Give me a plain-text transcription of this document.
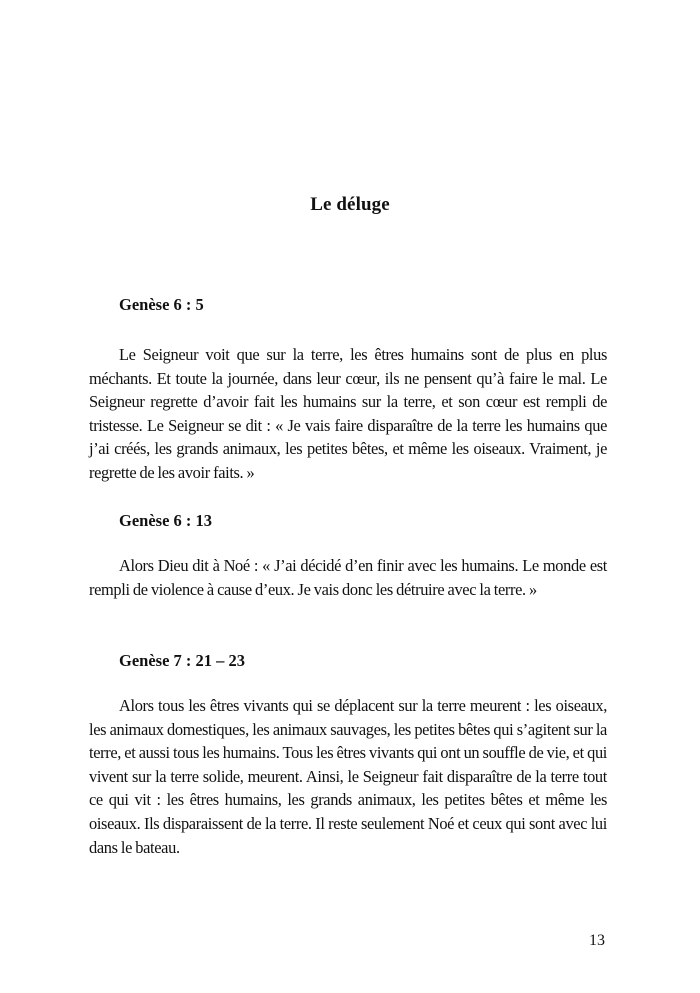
Le déluge

Genèse 6 : 5

Le Seigneur voit que sur la terre, les êtres humains sont de plus en plus méchants. Et toute la journée, dans leur cœur, ils ne pensent qu’à faire le mal. Le Seigneur regrette d’avoir fait les humains sur la terre, et son cœur est rempli de tristesse. Le Seigneur se dit : « Je vais faire disparaître de la terre les humains que j’ai créés, les grands animaux, les petites bêtes, et même les oiseaux. Vraiment, je regrette de les avoir faits. »

Genèse 6 : 13

Alors Dieu dit à Noé : « J’ai décidé d’en finir avec les humains. Le monde est rempli de violence à cause d’eux. Je vais donc les détruire avec la terre. »

Genèse 7 : 21 – 23

Alors tous les êtres vivants qui se déplacent sur la terre meurent : les oiseaux, les animaux domestiques, les animaux sauvages, les petites bêtes qui s’agitent sur la terre, et aussi tous les humains. Tous les êtres vivants qui ont un souffle de vie, et qui vivent sur la terre solide, meurent. Ainsi, le Seigneur fait disparaître de la terre tout ce qui vit : les êtres humains, les grands animaux, les petites bêtes et même les oiseaux. Ils disparaissent de la terre. Il reste seulement Noé et ceux qui sont avec lui dans le bateau.

13
